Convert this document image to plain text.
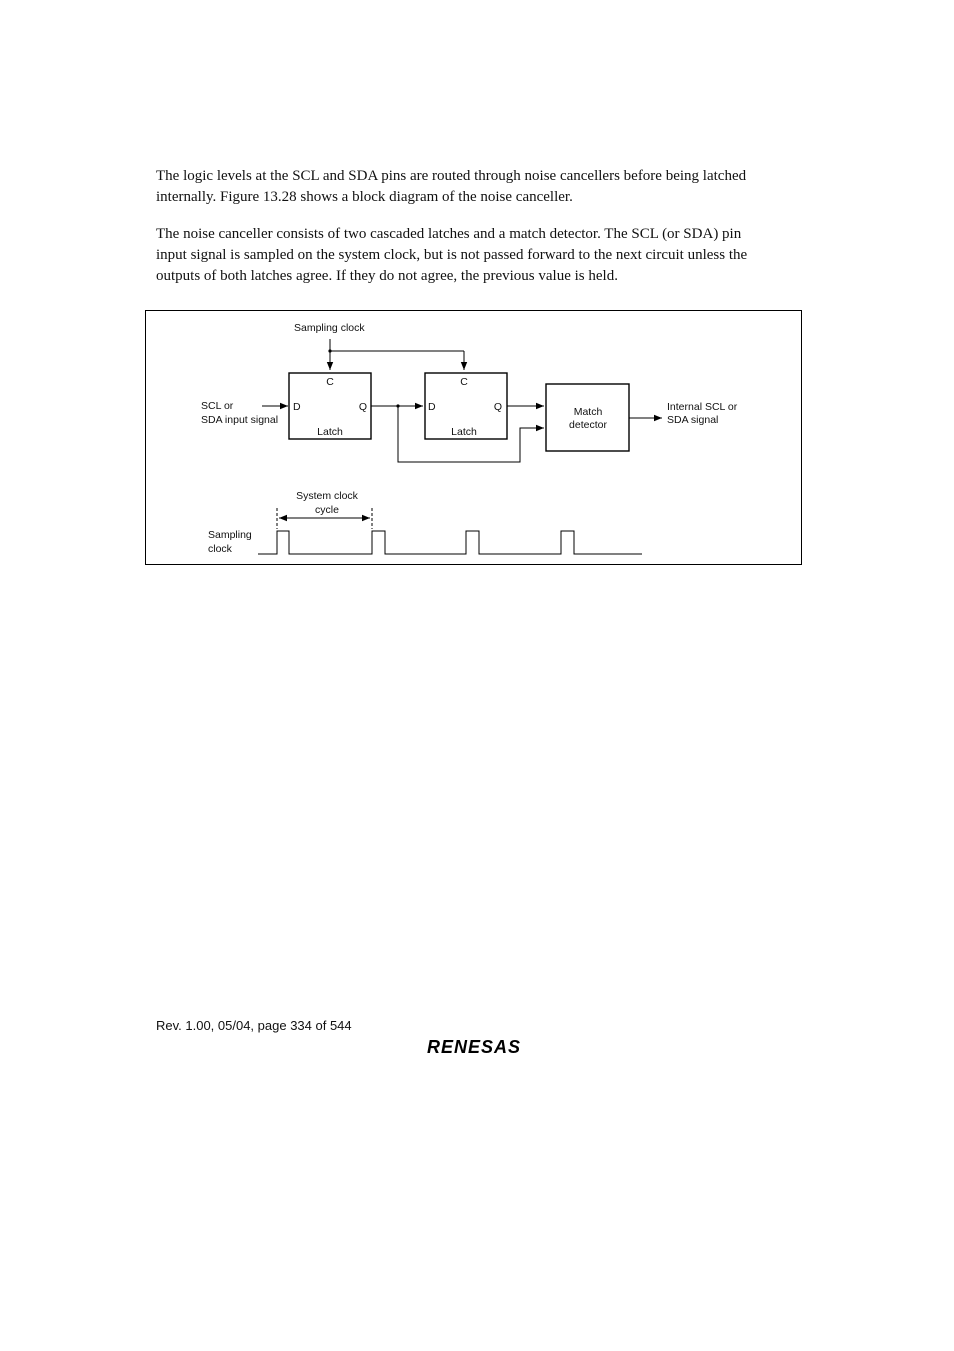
The logic levels at the SCL and SDA pins are routed through noise cancellers before being latched
internally. Figure 13.28 shows a block diagram of the noise canceller.

The noise canceller consists of two cascaded latches and a match detector. The SCL (or SDA) pin
input signal is sampled on the system clock, but is not passed forward to the next circuit unless the
outputs of both latches agree. If they do not agree, the previous value is held.

Sampling clock
SCL or
SDA input signal
C
D	Q
Latch
C
D	Q
Latch
Match
detector
Internal SCL or
SDA signal
System clock
cycle
Sampling
clock
Rev. 1.00, 05/04, page 334 of 544
RENESAS
